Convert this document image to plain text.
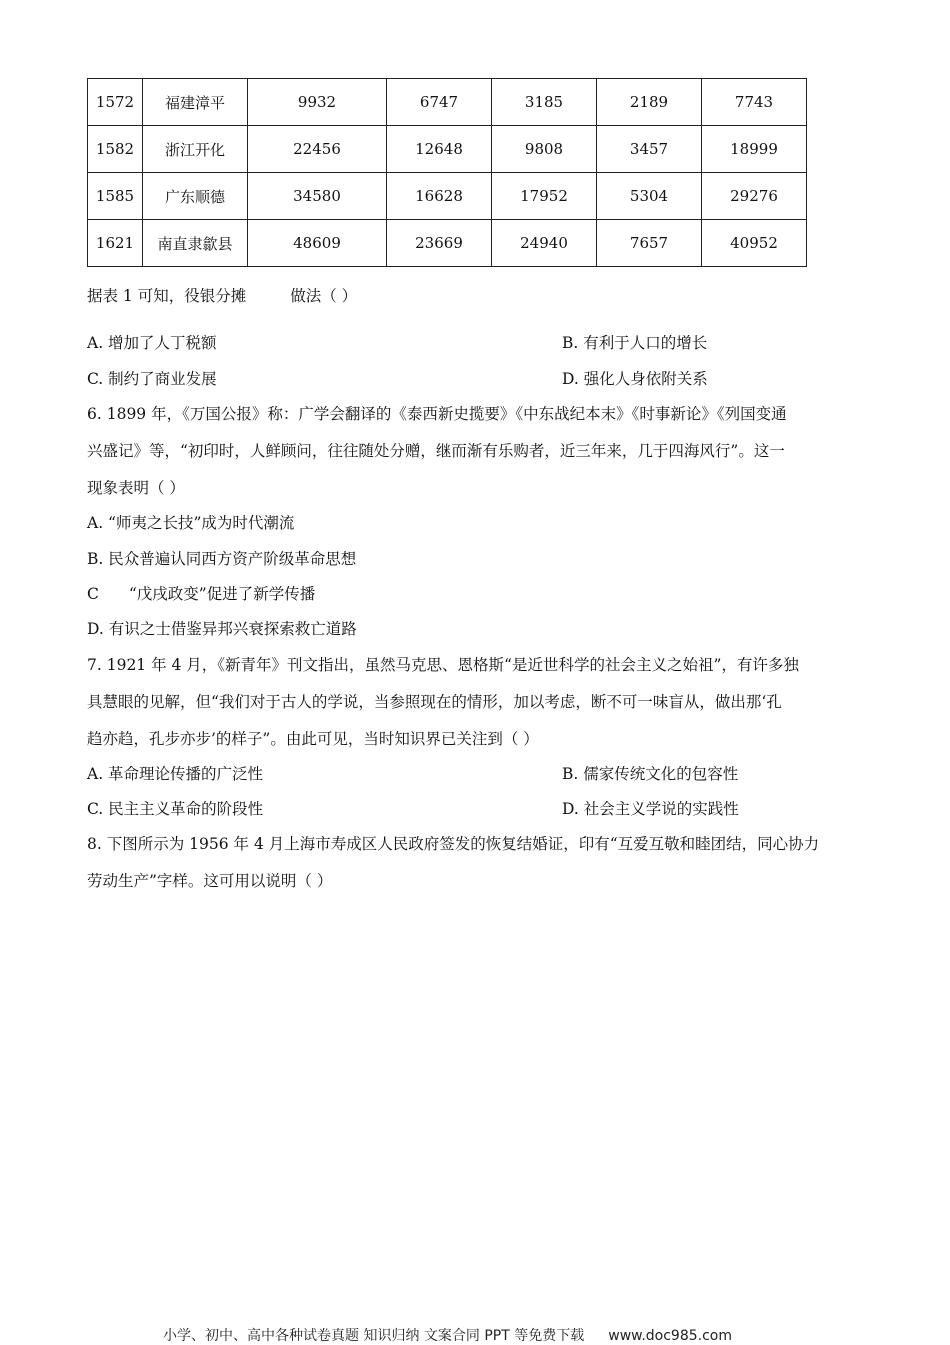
1572	福建漳平	9932	6747	3185	2189	7743
1582	浙江开化	22456	12648	9808	3457	18999
1585	广东顺德	34580	16628	17952	5304	29276
1621	南直隶歙县	48609	23669	24940	7657	40952
据表 1 可知，役银分摊	做法（ ）
A. 增加了人丁税额	B. 有利于人口的增长
C. 制约了商业发展	D. 强化人身依附关系
6. 1899 年，《万国公报》称：广学会翻译的《泰西新史揽要》《中东战纪本末》《时事新论》《列国变通
兴盛记》等，“初印时，人鲜顾问，往往随处分赠，继而渐有乐购者，近三年来，几于四海风行”。这一
现象表明（ ）
A. “师夷之长技”成为时代潮流
B. 民众普遍认同西方资产阶级革命思想
C “戊戌政变”促进了新学传播
D. 有识之士借鉴异邦兴衰探索救亡道路
7. 1921 年 4 月，《新青年》刊文指出，虽然马克思、恩格斯“是近世科学的社会主义之始祖”，有许多独
具慧眼的见解，但“我们对于古人的学说，当参照现在的情形，加以考虑，断不可一味盲从，做出那‘孔
趋亦趋，孔步亦步’的样子”。由此可见，当时知识界已关注到（ ）
A. 革命理论传播的广泛性	B. 儒家传统文化的包容性
C. 民主主义革命的阶段性	D. 社会主义学说的实践性
8. 下图所示为 1956 年 4 月上海市寿成区人民政府签发的恢复结婚证，印有“互爱互敬和睦团结，同心协力
劳动生产”字样。这可用以说明（ ）
小学、初中、高中各种试卷真题 知识归纳 文案合同 PPT 等免费下载 www.doc985.com
